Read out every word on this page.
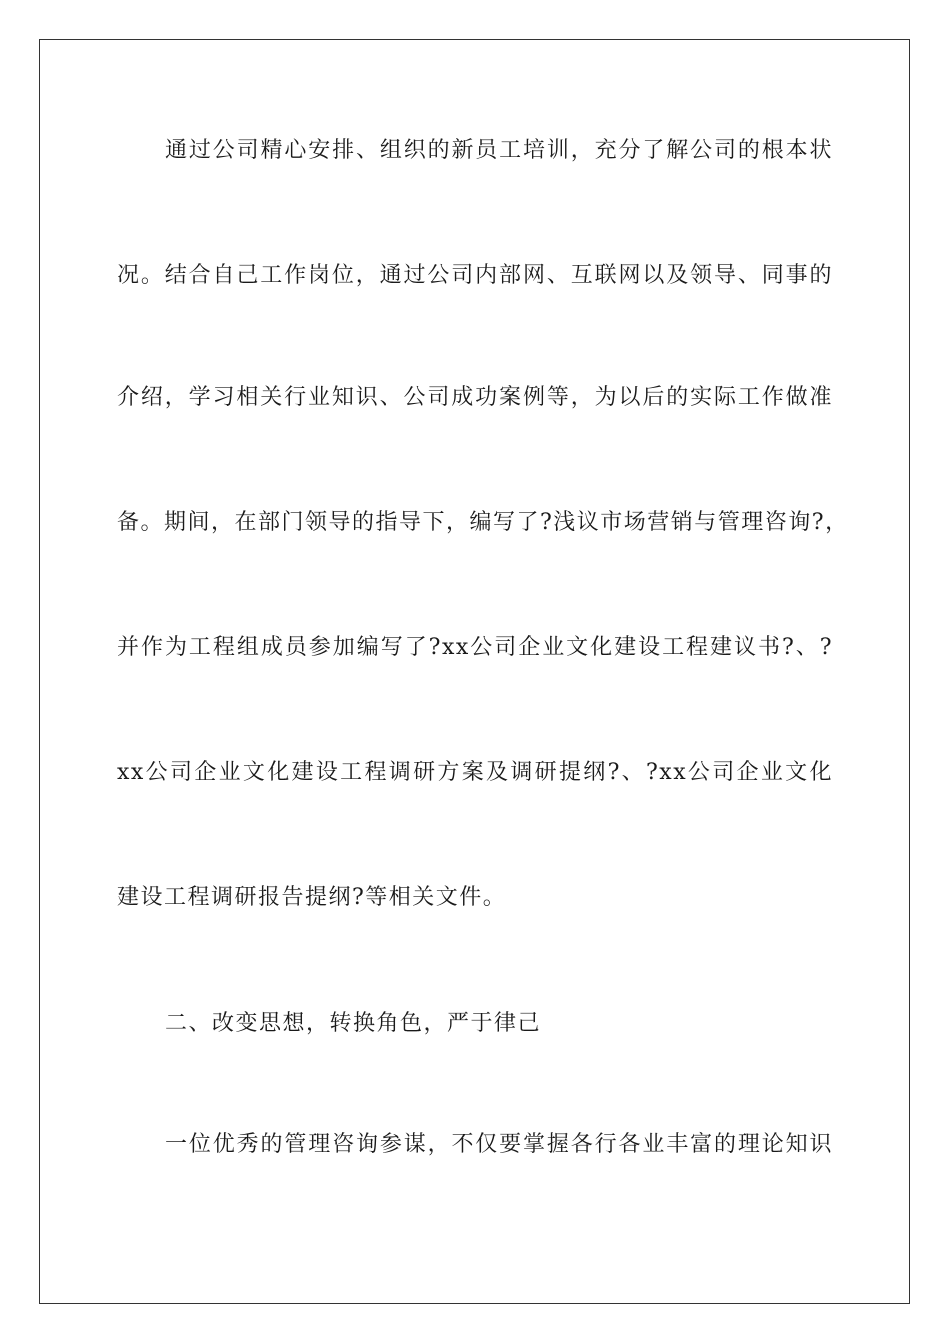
通过公司精心安排、组织的新员工培训，充分了解公司的根本状
况。结合自己工作岗位，通过公司内部网、互联网以及领导、同事的
介绍，学习相关行业知识、公司成功案例等，为以后的实际工作做准
备。期间，在部门领导的指导下，编写了?浅议市场营销与管理咨询?，
并作为工程组成员参加编写了?xx公司企业文化建设工程建议书?、?
xx公司企业文化建设工程调研方案及调研提纲?、?xx公司企业文化
建设工程调研报告提纲?等相关文件。
二、改变思想，转换角色，严于律己
一位优秀的管理咨询参谋，不仅要掌握各行各业丰富的理论知识
